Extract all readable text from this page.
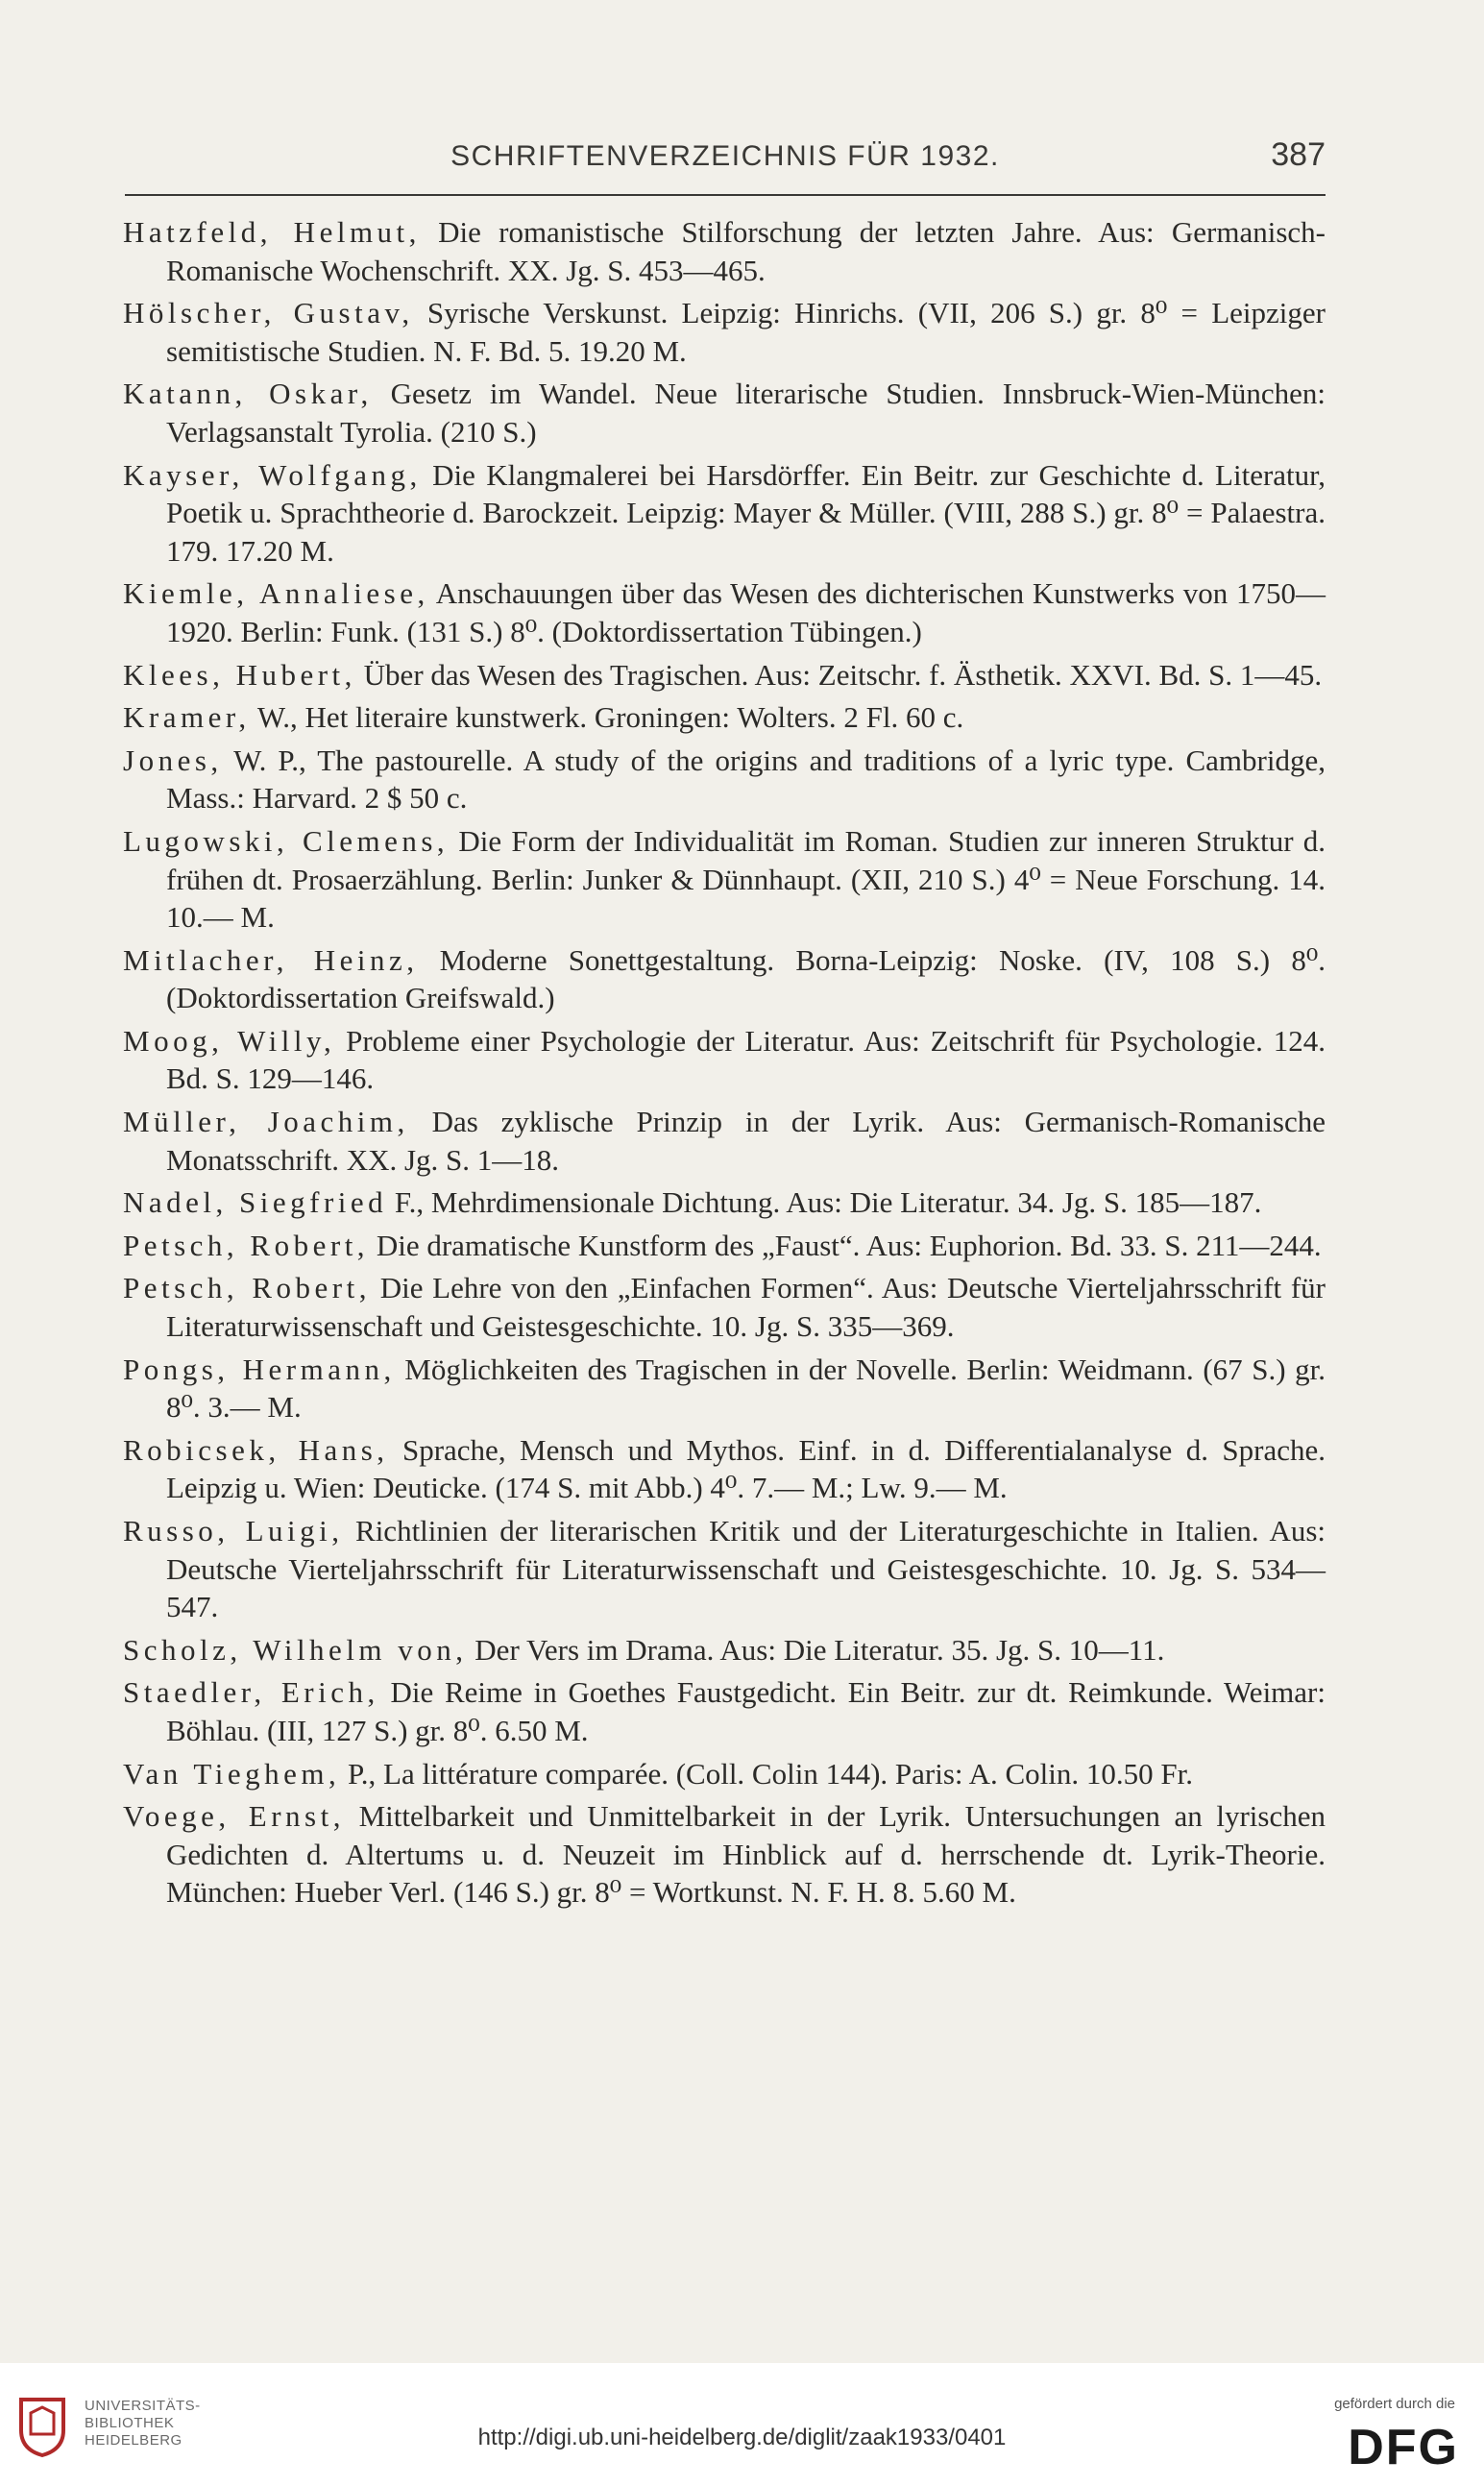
SCHRIFTENVERZEICHNIS FÜR 1932.	387

Hatzfeld, Helmut, Die romanistische Stilforschung der letzten Jahre. Aus: Germanisch-Romanische Wochenschrift. XX. Jg. S. 453—465.

Hölscher, Gustav, Syrische Verskunst. Leipzig: Hinrichs. (VII, 206 S.) gr. 8⁰ = Leipziger semitistische Studien. N. F. Bd. 5. 19.20 M.

Katann, Oskar, Gesetz im Wandel. Neue literarische Studien. Innsbruck-Wien-München: Verlagsanstalt Tyrolia. (210 S.)

Kayser, Wolfgang, Die Klangmalerei bei Harsdörffer. Ein Beitr. zur Geschichte d. Literatur, Poetik u. Sprachtheorie d. Barockzeit. Leipzig: Mayer & Müller. (VIII, 288 S.) gr. 8⁰ = Palaestra. 179. 17.20 M.

Kiemle, Annaliese, Anschauungen über das Wesen des dichterischen Kunstwerks von 1750—1920. Berlin: Funk. (131 S.) 8⁰. (Doktordissertation Tübingen.)

Klees, Hubert, Über das Wesen des Tragischen. Aus: Zeitschr. f. Ästhetik. XXVI. Bd. S. 1—45.

Kramer, W., Het literaire kunstwerk. Groningen: Wolters. 2 Fl. 60 c.

Jones, W. P., The pastourelle. A study of the origins and traditions of a lyric type. Cambridge, Mass.: Harvard. 2 $ 50 c.

Lugowski, Clemens, Die Form der Individualität im Roman. Studien zur inneren Struktur d. frühen dt. Prosaerzählung. Berlin: Junker & Dünnhaupt. (XII, 210 S.) 4⁰ = Neue Forschung. 14. 10.— M.

Mitlacher, Heinz, Moderne Sonettgestaltung. Borna-Leipzig: Noske. (IV, 108 S.) 8⁰. (Doktordissertation Greifswald.)

Moog, Willy, Probleme einer Psychologie der Literatur. Aus: Zeitschrift für Psychologie. 124. Bd. S. 129—146.

Müller, Joachim, Das zyklische Prinzip in der Lyrik. Aus: Germanisch-Romanische Monatsschrift. XX. Jg. S. 1—18.

Nadel, Siegfried F., Mehrdimensionale Dichtung. Aus: Die Literatur. 34. Jg. S. 185—187.

Petsch, Robert, Die dramatische Kunstform des „Faust“. Aus: Euphorion. Bd. 33. S. 211—244.

Petsch, Robert, Die Lehre von den „Einfachen Formen“. Aus: Deutsche Vierteljahrsschrift für Literaturwissenschaft und Geistesgeschichte. 10. Jg. S. 335—369.

Pongs, Hermann, Möglichkeiten des Tragischen in der Novelle. Berlin: Weidmann. (67 S.) gr. 8⁰. 3.— M.

Robicsek, Hans, Sprache, Mensch und Mythos. Einf. in d. Differentialanalyse d. Sprache. Leipzig u. Wien: Deuticke. (174 S. mit Abb.) 4⁰. 7.— M.; Lw. 9.— M.

Russo, Luigi, Richtlinien der literarischen Kritik und der Literaturgeschichte in Italien. Aus: Deutsche Vierteljahrsschrift für Literaturwissenschaft und Geistesgeschichte. 10. Jg. S. 534—547.

Scholz, Wilhelm von, Der Vers im Drama. Aus: Die Literatur. 35. Jg. S. 10—11.

Staedler, Erich, Die Reime in Goethes Faustgedicht. Ein Beitr. zur dt. Reimkunde. Weimar: Böhlau. (III, 127 S.) gr. 8⁰. 6.50 M.

Van Tieghem, P., La littérature comparée. (Coll. Colin 144). Paris: A. Colin. 10.50 Fr.

Voege, Ernst, Mittelbarkeit und Unmittelbarkeit in der Lyrik. Untersuchungen an lyrischen Gedichten d. Altertums u. d. Neuzeit im Hinblick auf d. herrschende dt. Lyrik-Theorie. München: Hueber Verl. (146 S.) gr. 8⁰ = Wortkunst. N. F. H. 8. 5.60 M.

UNIVERSITÄTS-
BIBLIOTHEK
HEIDELBERG	http://digi.ub.uni-heidelberg.de/diglit/zaak1933/0401
gefördert durch die
DFG
